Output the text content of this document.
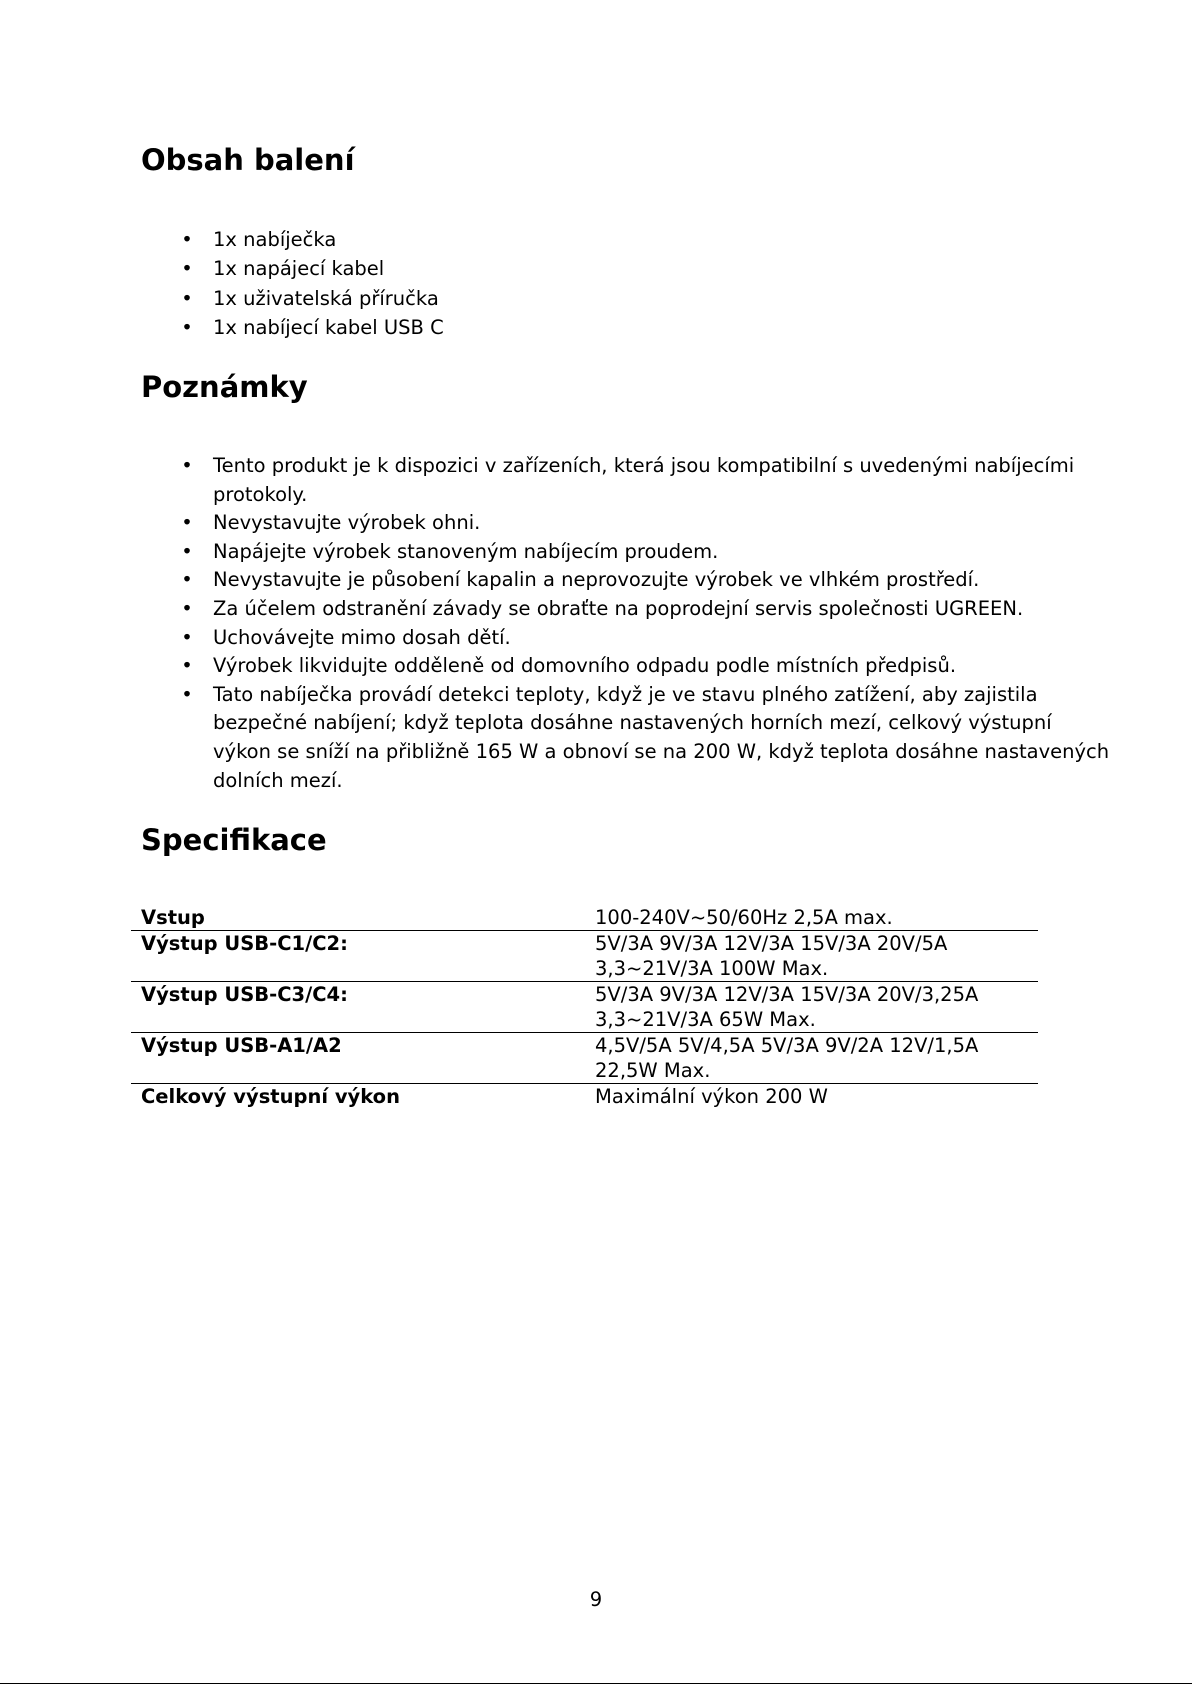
Obsah balení
• 1x nabíječka
• 1x napájecí kabel
• 1x uživatelská příručka
• 1x nabíjecí kabel USB C
Poznámky
• Tento produkt je k dispozici v zařízeních, která jsou kompatibilní s uvedenými nabíjecími protokoly.
• Nevystavujte výrobek ohni.
• Napájejte výrobek stanoveným nabíjecím proudem.
• Nevystavujte je působení kapalin a neprovozujte výrobek ve vlhkém prostředí.
• Za účelem odstranění závady se obraťte na poprodejní servis společnosti UGREEN.
• Uchovávejte mimo dosah dětí.
• Výrobek likvidujte odděleně od domovního odpadu podle místních předpisů.
• Tato nabíječka provádí detekci teploty, když je ve stavu plného zatížení, aby zajistila bezpečné nabíjení; když teplota dosáhne nastavených horních mezí, celkový výstupní výkon se sníží na přibližně 165 W a obnoví se na 200 W, když teplota dosáhne nastavených dolních mezí.
Specifikace
Vstup	100-240V~50/60Hz 2,5A max.

Výstup USB-C1/C2:	5V/3A 9V/3A 12V/3A 15V/3A 20V/5A
3,3~21V/3A 100W Max.

Výstup USB-C3/C4:	5V/3A 9V/3A 12V/3A 15V/3A 20V/3,25A
3,3~21V/3A 65W Max.

Výstup USB-A1/A2	4,5V/5A 5V/4,5A 5V/3A 9V/2A 12V/1,5A
22,5W Max.

Celkový výstupní výkon	Maximální výkon 200 W
9
